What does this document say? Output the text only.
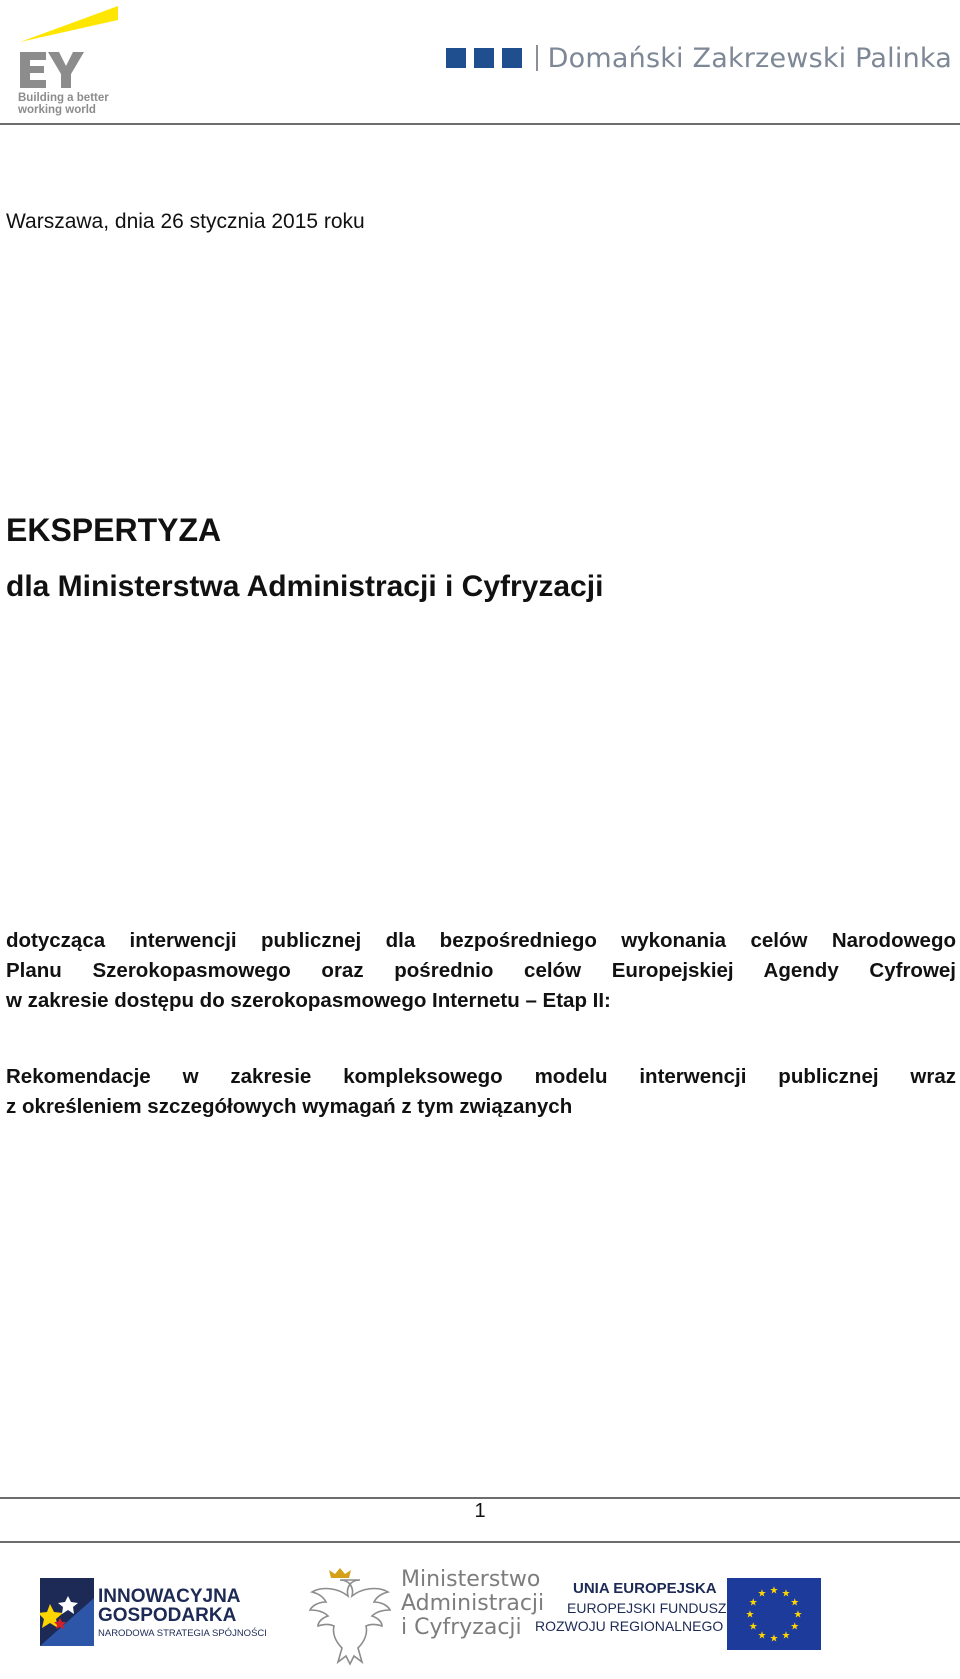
Building a better
working world
Domański Zakrzewski Palinka
Warszawa, dnia 26 stycznia 2015 roku
EKSPERTYZA
dla Ministerstwa Administracji i Cyfryzacji
dotycząca interwencji publicznej dla bezpośredniego wykonania celów Narodowego
Planu Szerokopasmowego oraz pośrednio celów Europejskiej Agendy Cyfrowej
w zakresie dostępu do szerokopasmowego Internetu – Etap II:
Rekomendacje w zakresie kompleksowego modelu interwencji publicznej wraz
z określeniem szczegółowych wymagań z tym związanych
1
INNOWACYJNA
GOSPODARKA
NARODOWA STRATEGIA SPÓJNOŚCI
Ministerstwo
Administracji
i Cyfryzacji
UNIA EUROPEJSKA
EUROPEJSKI FUNDUSZ
ROZWOJU REGIONALNEGO
★ ★
★
★
★
★
★
★
★
★
★
★
